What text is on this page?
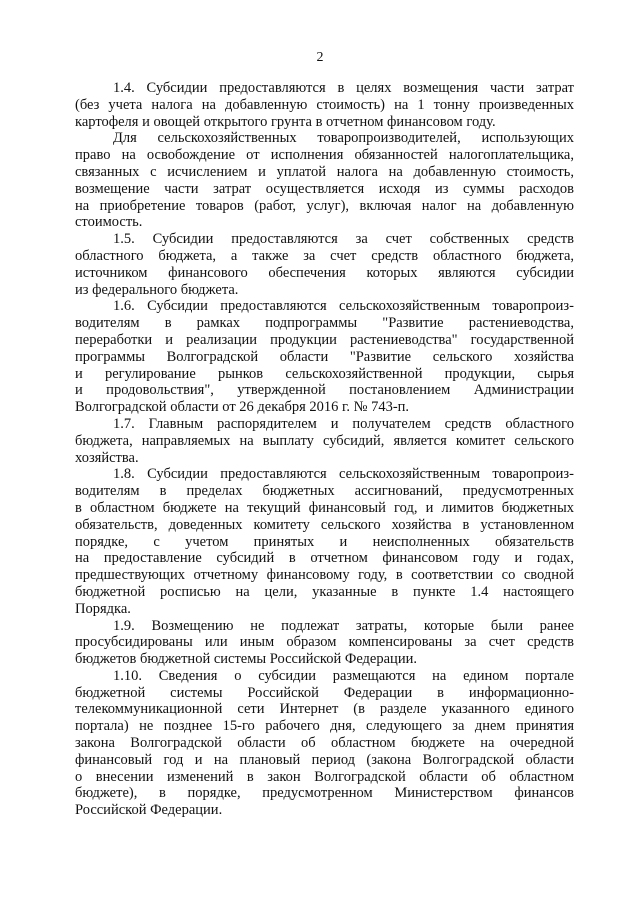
2

1.4. Субсидии предоставляются в целях возмещения части затрат
(без учета налога на добавленную стоимость) на 1 тонну произведенных
картофеля и овощей открытого грунта в отчетном финансовом году.

Для сельскохозяйственных товаропроизводителей, использующих
право на освобождение от исполнения обязанностей налогоплательщика,
связанных с исчислением и уплатой налога на добавленную стоимость,
возмещение части затрат осуществляется исходя из суммы расходов
на приобретение товаров (работ, услуг), включая налог на добавленную
стоимость.

1.5. Субсидии предоставляются за счет собственных средств
областного бюджета, а также за счет средств областного бюджета,
источником финансового обеспечения которых являются субсидии
из федерального бюджета.

1.6. Субсидии предоставляются сельскохозяйственным товаропроиз-
водителям в рамках подпрограммы "Развитие растениеводства,
переработки и реализации продукции растениеводства" государственной
программы Волгоградской области "Развитие сельского хозяйства
и регулирование рынков сельскохозяйственной продукции, сырья
и продовольствия", утвержденной постановлением Администрации
Волгоградской области от 26 декабря 2016 г. № 743-п.

1.7. Главным распорядителем и получателем средств областного
бюджета, направляемых на выплату субсидий, является комитет сельского
хозяйства.

1.8. Субсидии предоставляются сельскохозяйственным товаропроиз-
водителям в пределах бюджетных ассигнований, предусмотренных
в областном бюджете на текущий финансовый год, и лимитов бюджетных
обязательств, доведенных комитету сельского хозяйства в установленном
порядке, с учетом принятых и неисполненных обязательств
на предоставление субсидий в отчетном финансовом году и годах,
предшествующих отчетному финансовому году, в соответствии со сводной
бюджетной росписью на цели, указанные в пункте 1.4 настоящего
Порядка.

1.9. Возмещению не подлежат затраты, которые были ранее
просубсидированы или иным образом компенсированы за счет средств
бюджетов бюджетной системы Российской Федерации.

1.10. Сведения о субсидии размещаются на едином портале
бюджетной системы Российской Федерации в информационно-
телекоммуникационной сети Интернет (в разделе указанного единого
портала) не позднее 15-го рабочего дня, следующего за днем принятия
закона Волгоградской области об областном бюджете на очередной
финансовый год и на плановый период (закона Волгоградской области
о внесении изменений в закон Волгоградской области об областном
бюджете), в порядке, предусмотренном Министерством финансов
Российской Федерации.
